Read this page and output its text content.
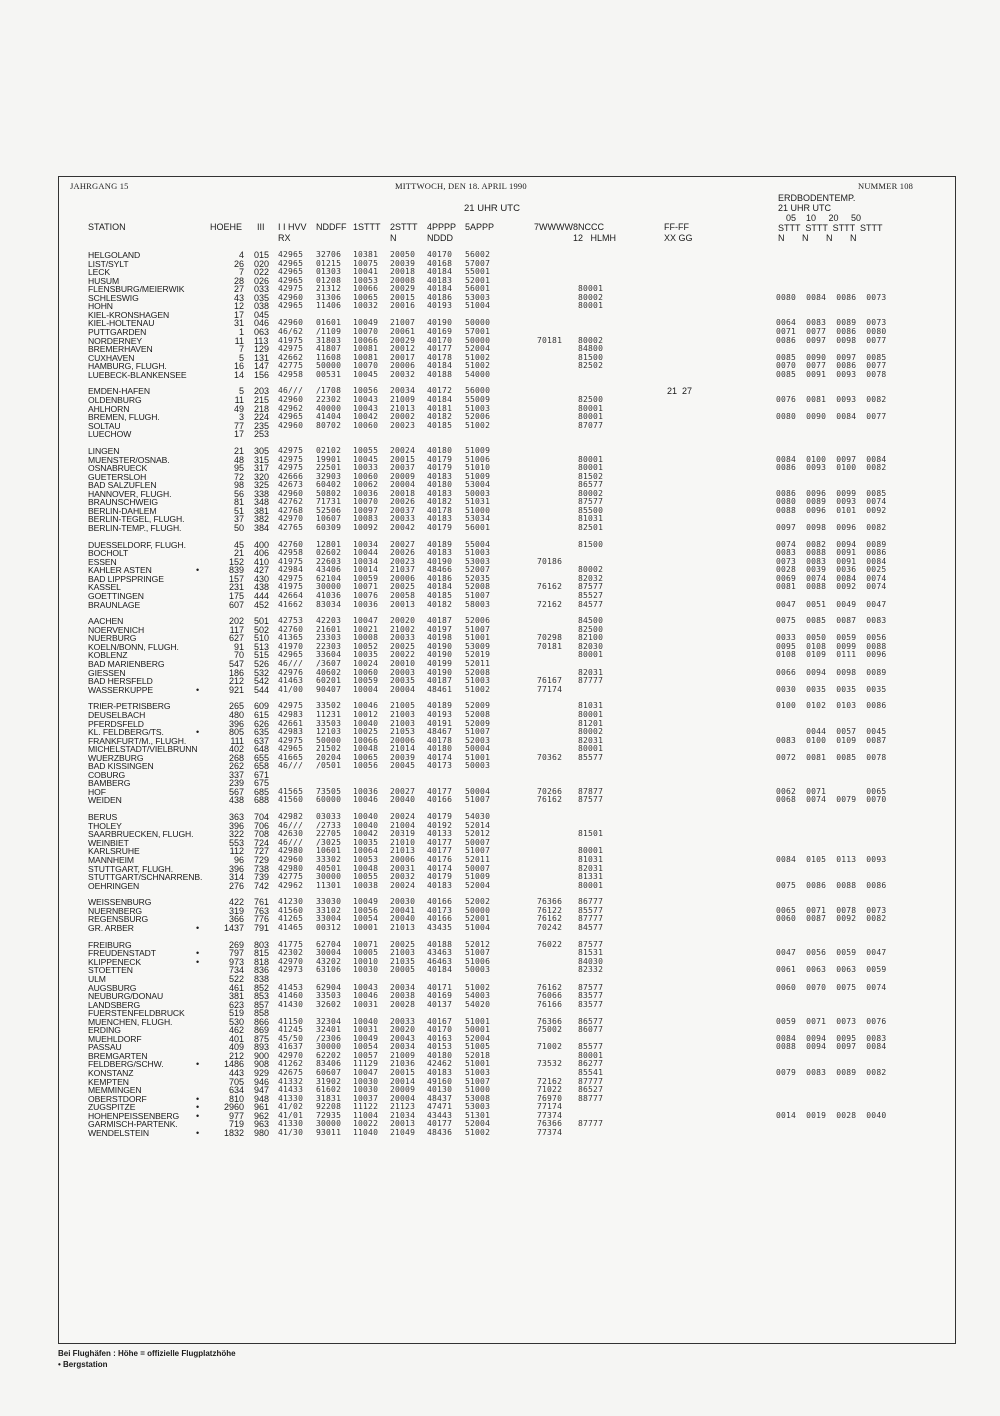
JAHRGANG 15	MITTWOCH, DEN 18. APRIL 1990	NUMMER 108
21 UHR UTC
ERDBODENTEMP.
21 UHR UTC
05    10     20     50
STTT  STTT  STTT  STTT
N       N       N       N
STATION	HOEHE III I I HVV
RX
NDDFF 1STTT 2STTT
N
4PPPP
NDDD
5APPP	7WWWW 8NCCC
12   HLMH
FF-FF
XX GG
HELGOLAND	4 015 42965 32706 10381 20050 40170 56002
LIST/SYLT	26 020 42965 01215 10075 20039 40168 57007
LECK	7 022 42965 01303 10041 20018 40184 55001
HUSUM	28 026 42965 01208 10053 20008 40183 52001
FLENSBURG/MEIERWIK	27 033 42975 21312 10066 20029 40184 56001	80001
SCHLESWIG	43 035 42960 31306 10065 20015 40186 53003	80002	0080  0084  0086  0073
HOHN	12 038 42965 11406 10032 20016 40193 51004	80001
KIEL-KRONSHAGEN	17 045
KIEL-HOLTENAU	31 046 42960 01601 10049 21007 40190 50000	0064  0083  0089  0073
PUTTGARDEN	1 063 46/62 /1109 10070 20061 40169 57001	0071  0077  0086  0080
NORDERNEY	11 113 41975 31803 10066 20029 40170 50000	70181 80002	0086  0097  0098  0077
BREMERHAVEN	7 129 42975 41807 10081 20012 40177 52004	84800
CUXHAVEN	5 131 42662 11608 10081 20017 40178 51002	81500	0085  0090  0097  0085
HAMBURG, FLUGH.	16 147 42775 50000 10070 20006 40184 51002	82502	0070  0077  0086  0077
LUEBECK-BLANKENSEE	14 156 42958 00531 10045 20032 40188 54000	0085  0091  0093  0078
EMDEN-HAFEN	5 203 46/// /1708 10056 20034 40172 56000	21  27
OLDENBURG	11 215 42960 22302 10043 21009 40184 55009	82500	0076  0081  0093  0082
AHLHORN	49 218 42962 40000 10043 21013 40181 51003	80001
BREMEN, FLUGH.	3 224 42965 41404 10042 20002 40182 52006	80001	0080  0090  0084  0077
SOLTAU	77 235 42960 80702 10060 20023 40185 51002	87077
LUECHOW	17 253
LINGEN	21 305 42975 02102 10055 20024 40180 51009
MUENSTER/OSNAB.	48 315 42975 19901 10045 20015 40179 51006	80001	0084  0100  0097  0084
OSNABRUECK	95 317 42975 22501 10033 20037 40179 51010	80001	0086  0093  0100  0082
GUETERSLOH	72 320 42666 32903 10060 20009 40183 51009	81502
BAD SALZUFLEN	98 325 42673 60402 10062 20004 40180 53004	86577
HANNOVER, FLUGH.	56 338 42960 50802 10036 20018 40183 50003	80002	0086  0096  0099  0085
BRAUNSCHWEIG	81 348 42762 71731 10070 20026 40182 51031	87577	0080  0089  0093  0074
BERLIN-DAHLEM	51 381 42768 52506 10097 20037 40178 51000	85500	0088  0096  0101  0092
BERLIN-TEGEL, FLUGH.	37 382 42970 10607 10083 20033 40183 53034	81031
BERLIN-TEMP., FLUGH.	50 384 42765 60309 10092 20042 40179 56001	82501	0097  0098  0096  0082
DUESSELDORF, FLUGH.	45 400 42760 12801 10034 20027 40189 55004	81500	0074  0082  0094  0089
BOCHOLT	21 406 42958 02602 10044 20026 40183 51003	0083  0088  0091  0086
ESSEN	152 410 41975 22603 10034 20023 40190 53003	70186	0073  0083  0091  0084
KAHLER ASTEN	•	839 427 42984 43406 10014 21037 48466 52007	80002	0028  0039  0036  0025
BAD LIPPSPRINGE	157 430 42975 62104 10059 20006 40186 52035	82032	0069  0074  0084  0074
KASSEL	231 438 41975 30000 10071 20025 40184 52008	76162 87577	0081  0088  0092  0074
GOETTINGEN	175 444 42664 41036 10076 20058 40185 51007	85527
BRAUNLAGE	607 452 41662 83034 10036 20013 40182 58003	72162 84577	0047  0051  0049  0047
AACHEN	202 501 42753 42203 10047 20020 40187 52006	84500	0075  0085  0087  0083
NOERVENICH	117 502 42760 21601 10021 21002 40197 51007	82500
NUERBURG	627 510 41365 23303 10008 20033 40198 51001	70298 82100	0033  0050  0059  0056
KOELN/BONN, FLUGH.	91 513 41970 22303 10052 20025 40190 53009	70181 82030	0095  0108  0099  0088
KOBLENZ	70 515 42965 33604 10035 20022 40190 52019	80001	0108  0109  0111  0096
BAD MARIENBERG	547 526 46/// /3607 10024 20010 40199 52011
GIESSEN	186 532 42976 40602 10060 20003 40190 52008	82031	0066  0094  0098  0089
BAD HERSFELD	212 542 41463 60201 10059 20035 40187 51003	76167 87777
WASSERKUPPE	•	921 544 41/00 90407 10004 20004 48461 51002	77174	0030  0035  0035  0035
TRIER-PETRISBERG	265 609 42975 33502 10046 21005 40189 52009	81031	0100  0102  0103  0086
DEUSELBACH	480 615 42983 11231 10012 21003 40193 52008	80001
PFERDSFELD	396 626 42661 33503 10040 21003 40191 52009	81201
KL. FELDBERG/TS.	•	805 635 42983 12103 10025 21053 48467 51007	80002	0044  0057  0045
FRANKFURT/M., FLUGH.	111 637 42975 50000 10066 20006 40178 52003	82031	0083  0100  0109  0087
MICHELSTADT/VIELBRUNN	402 648 42965 21502 10048 21014 40180 50004	80001
WUERZBURG	268 655 41665 20204 10065 20039 40174 51001	70362 85577	0072  0081  0085  0078
BAD KISSINGEN	262 658 46/// /0501 10056 20045 40173 50003
COBURG	337 671
BAMBERG	239 675
HOF	567 685 41565 73505 10036 20027 40177 50004	70266 87877	0062  0071        0065
WEIDEN	438 688 41560 60000 10046 20040 40166 51007	76162 87577	0068  0074  0079  0070
BERUS	363 704 42982 03033 10040 20024 40179 54030
THOLEY	396 706 46/// /2733 10040 21004 40192 52014
SAARBRUECKEN, FLUGH.	322 708 42630 22705 10042 20319 40133 52012	81501
WEINBIET	553 724 46/// /3025 10035 21010 40177 50007
KARLSRUHE	112 727 42980 10601 10064 21013 40177 51007	80001
MANNHEIM	96 729 42960 33302 10053 20006 40176 52011	81031	0084  0105  0113  0093
STUTTGART, FLUGH.	396 738 42980 40501 10048 20031 40174 50007	82031
STUTTGART/SCHNARRENB.	314 739 42775 30000 10055 20032 40179 51009	81331
OEHRINGEN	276 742 42962 11301 10038 20024 40183 52004	80001	0075  0086  0088  0086
WEISSENBURG	422 761 41230 33030 10049 20030 40166 52002	76366 86777
NUERNBERG	319 763 41560 33102 10056 20041 40173 50000	76122 85577	0065  0071  0078  0073
REGENSBURG	366 776 41265 33004 10054 20040 40166 52001	76162 87777	0060  0087  0092  0082
GR. ARBER	•	1437 791 41465 00312 10001 21013 43435 51004	70242 84577
FREIBURG	269 803 41775 62704 10071 20025 40188 52012	76022 87577
FREUDENSTADT	•	797 815 42302 30004 10005 21003 43463 51007	81531	0047  0056  0059  0047
KLIPPENECK	•	973 818 42970 43202 10010 21035 46463 51006	84030
STOETTEN	734 836 42973 63106 10030 20005 40184 50003	82332	0061  0063  0063  0059
ULM	522 838
AUGSBURG	461 852 41453 62904 10043 20034 40171 51002	76162 87577	0060  0070  0075  0074
NEUBURG/DONAU	381 853 41460 33503 10046 20038 40169 54003	76066 83577
LANDSBERG	623 857 41430 32602 10031 20028 40137 54020	76166 83577
FUERSTENFELDBRUCK	519 858
MUENCHEN, FLUGH.	530 866 41150 32304 10040 20033 40167 51001	76366 86577	0059  0071  0073  0076
ERDING	462 869 41245 32401 10031 20020 40170 50001	75002 86077
MUEHLDORF	401 875 45/50 /2306 10049 20043 40163 52004	0084  0094  0095  0083
PASSAU	409 893 41637 30000 10054 20034 40153 51005	71002 85577	0088  0094  0097  0084
BREMGARTEN	212 900 42970 62202 10057 21009 40180 52018	80001
FELDBERG/SCHW.	•	1486 908 41262 83406 11129 21036 42462 51001	73532 86277
KONSTANZ	443 929 42675 60607 10047 20015 40183 51003	85541	0079  0083  0089  0082
KEMPTEN	705 946 41332 31902 10030 20014 49160 51007	72162 87777
MEMMINGEN	634 947 41433 61602 10030 20009 40130 51000	71022 86527
OBERSTDORF	•	810 948 41330 31831 10037 20004 48437 53008	76970 88777
ZUGSPITZE	•	2960 961 41/02 92208 11122 21123 47471 53003	77174
HOHENPEISSENBERG •	977 962 41/01 72935 11004 21034 43443 51301	77374	0014  0019  0028  0040
GARMISCH-PARTENK.	719 963 41330 30000 10022 20013 40177 52004	76366 87777
WENDELSTEIN	•	1832 980 41/30 93011 11040 21049 48436 51002	77374
Bei Flughäfen : Höhe = offizielle Flugplatzhöhe
• Bergstation
